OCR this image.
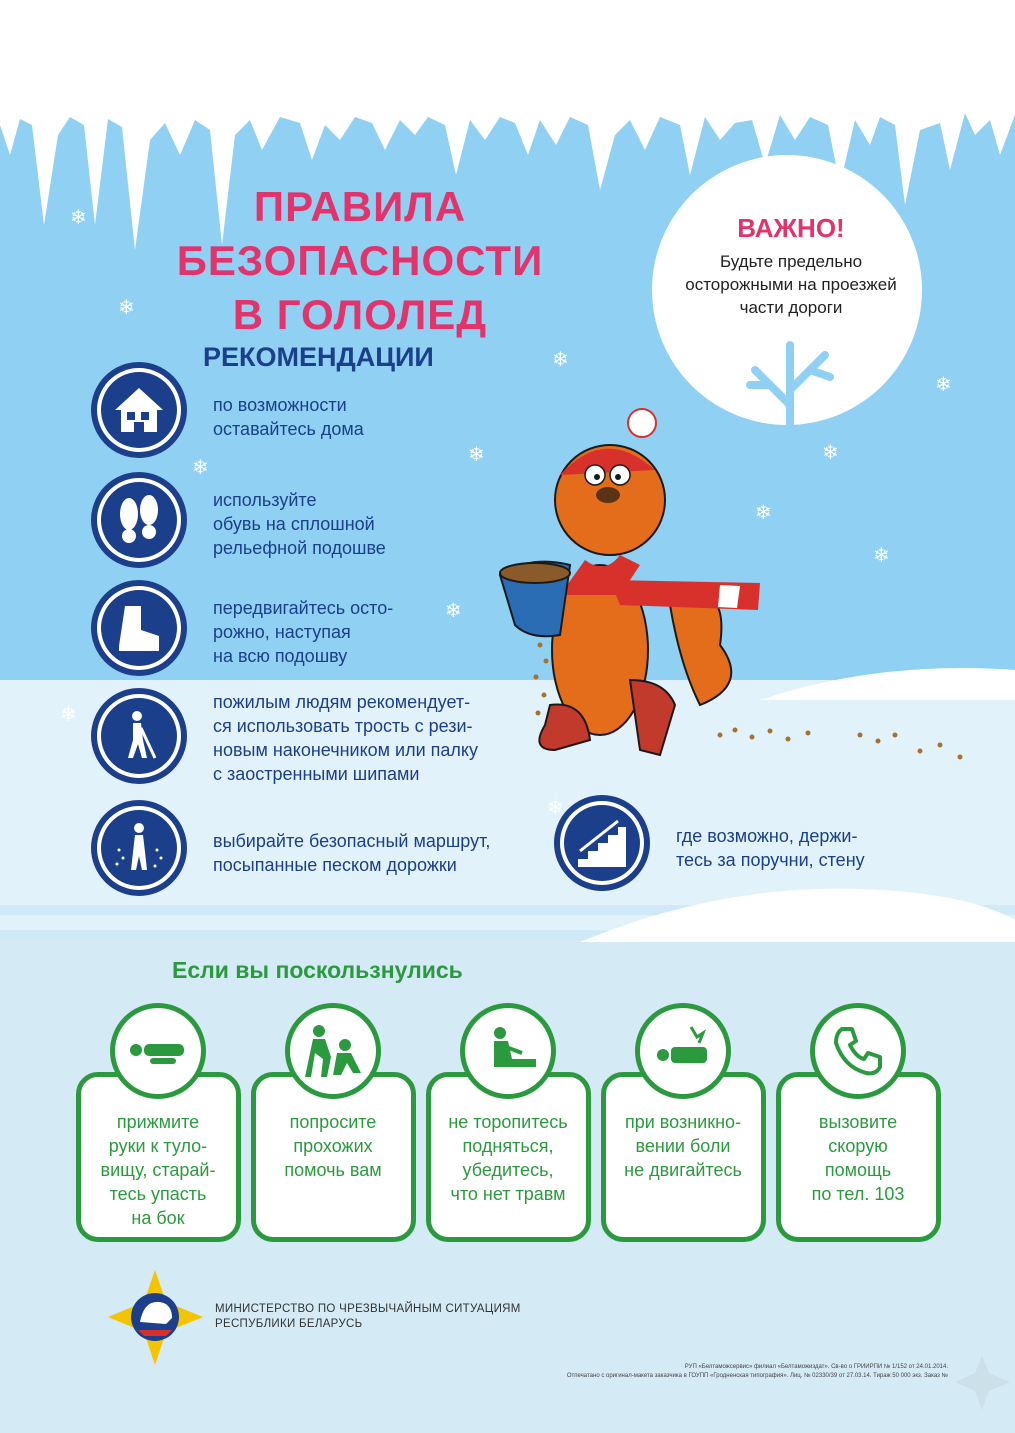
❄
❄
❄
❄
❄
❄
❄
❄
❄
❄
❄
❄
ПРАВИЛА
БЕЗОПАСНОСТИ
В ГОЛОЛЕД
ВАЖНО!
Будьте предельно
осторожными на проезжей
части дороги
РЕКОМЕНДАЦИИ
по возможности
оставайтесь дома
используйте
обувь на сплошной
рельефной подошве
передвигайтесь осто-
рожно, наступая
на всю подошву
пожилым людям рекомендует-
ся использовать трость с рези-
новым наконечником или палку
с заостренными шипами
выбирайте безопасный маршрут,
посыпанные песком дорожки
где возможно, держи-
тесь за поручни, стену
Если вы поскользнулись
прижмите
руки к туло-
вищу, старай-
тесь упасть
на бок
попросите
прохожих
помочь вам
не торопитесь
подняться,
убедитесь,
что нет травм
при возникно-
вении боли
не двигайтесь
вызовите
скорую
помощь
по тел. 103
МИНИСТЕРСТВО ПО ЧРЕЗВЫЧАЙНЫМ СИТУАЦИЯМ
РЕСПУБЛИКИ БЕЛАРУСЬ
РУП «Белтаможсервис» филиал «Белтаможиздат». Св-во о ГРИИРПИ № 1/152 от 24.01.2014.
Отпечатано с оригинал-макета заказчика в ГОУПП «Гродненская типография». Лиц. № 02330/39 от 27.03.14. Тираж 50 000 экз. Заказ №
